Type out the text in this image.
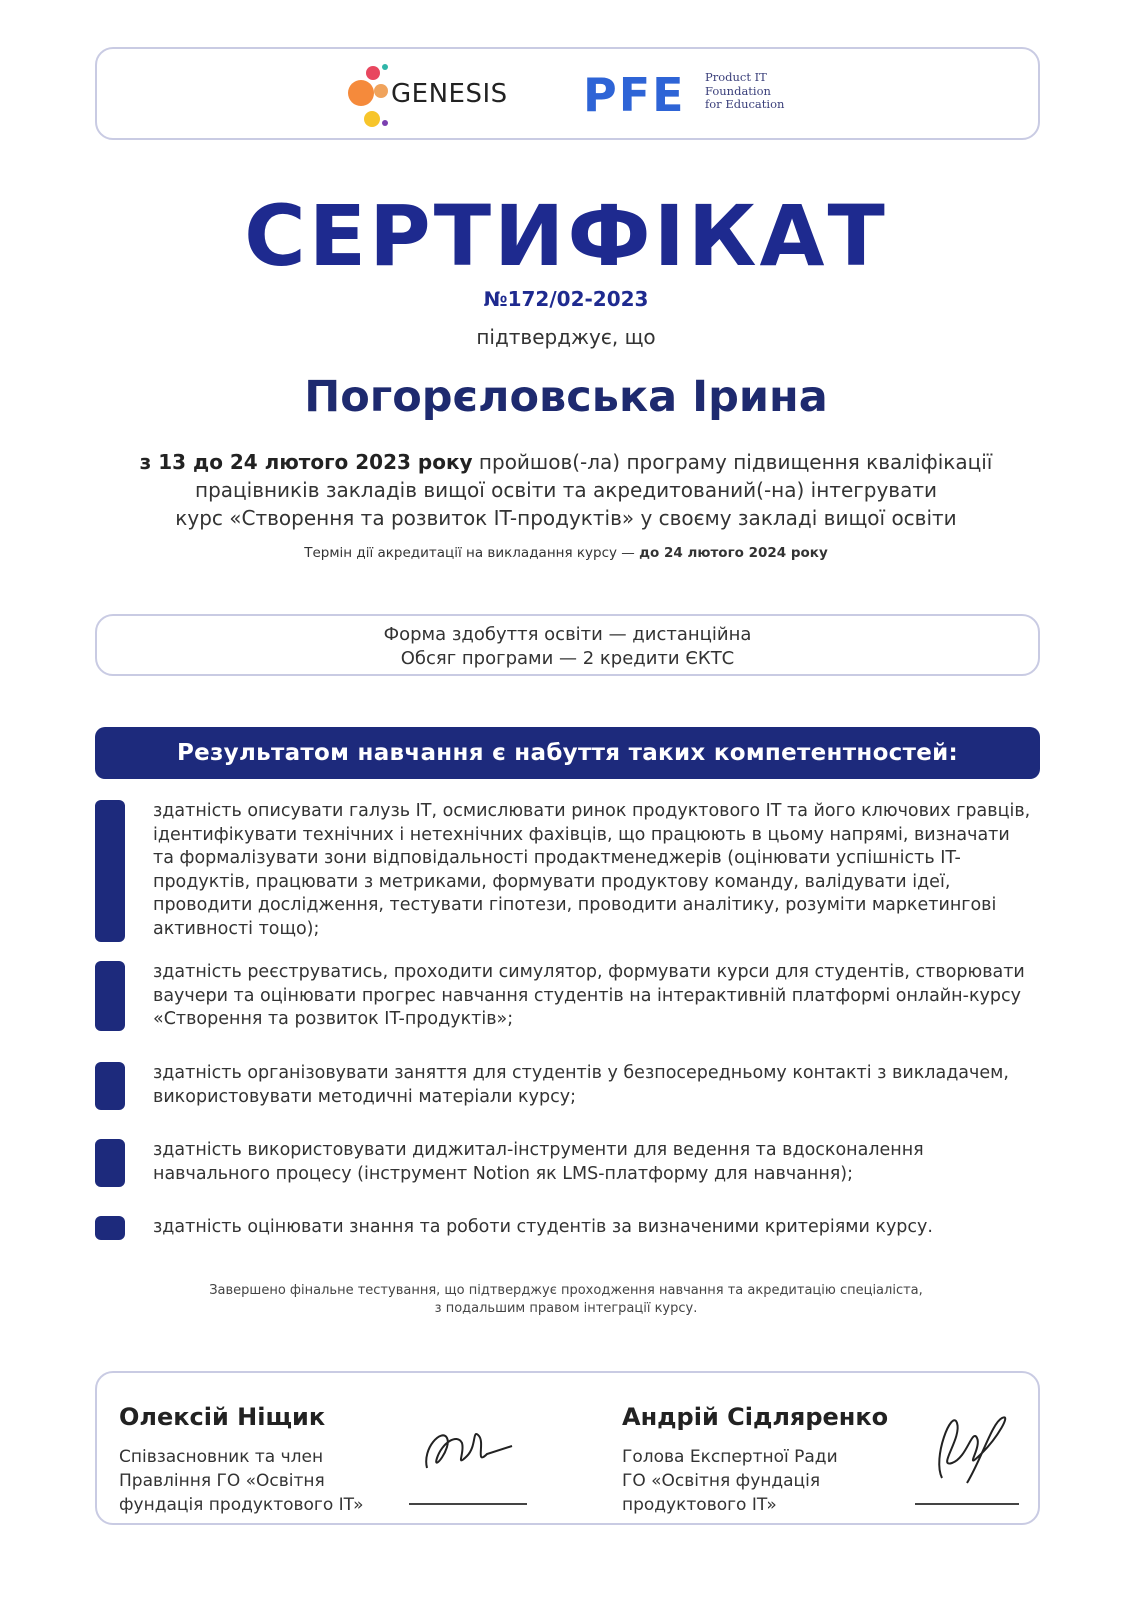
GENESIS PFE Product IT
Foundation
for Education
СЕРТИФІКАТ
№172/02-2023
підтверджує, що
Погорєловська Ірина
з 13 до 24 лютого 2023 року пройшов(-ла) програму підвищення кваліфікації
працівників закладів вищої освіти та акредитований(-на) інтегрувати
курс «Створення та розвиток IT-продуктів» у своєму закладі вищої освіти
Термін дії акредитації на викладання курсу — до 24 лютого 2024 року
Форма здобуття освіти — дистанційна
Обсяг програми — 2 кредити ЄКТС
Результатом навчання є набуття таких компетентностей:
здатність описувати галузь IT, осмислювати ринок продуктового IT та його ключових гравців, ідентифікувати технічних і нетехнічних фахівців, що працюють в цьому напрямі, визначати та формалізувати зони відповідальності продактменеджерів (оцінювати успішність IT-продуктів, працювати з метриками, формувати продуктову команду, валідувати ідеї, проводити дослідження, тестувати гіпотези, проводити аналітику, розуміти маркетингові активності тощо);
здатність реєструватись, проходити симулятор, формувати курси для студентів, створювати ваучери та оцінювати прогрес навчання студентів на інтерактивній платформі онлайн-курсу «Створення та розвиток IT-продуктів»;
здатність організовувати заняття для студентів у безпосередньому контакті з викладачем, використовувати методичні матеріали курсу;
здатність використовувати диджитал-інструменти для ведення та вдосконалення навчального процесу (інструмент Notion як LMS-платформу для навчання);
здатність оцінювати знання та роботи студентів за визначеними критеріями курсу.
Завершено фінальне тестування, що підтверджує проходження навчання та акредитацію спеціаліста,
з подальшим правом інтеграції курсу.
Олексій Ніщик
Співзасновник та член
Правління ГО «Освітня
фундація продуктового IT»
Андрій Сідляренко
Голова Експертної Ради
ГО «Освітня фундація
продуктового IT»
